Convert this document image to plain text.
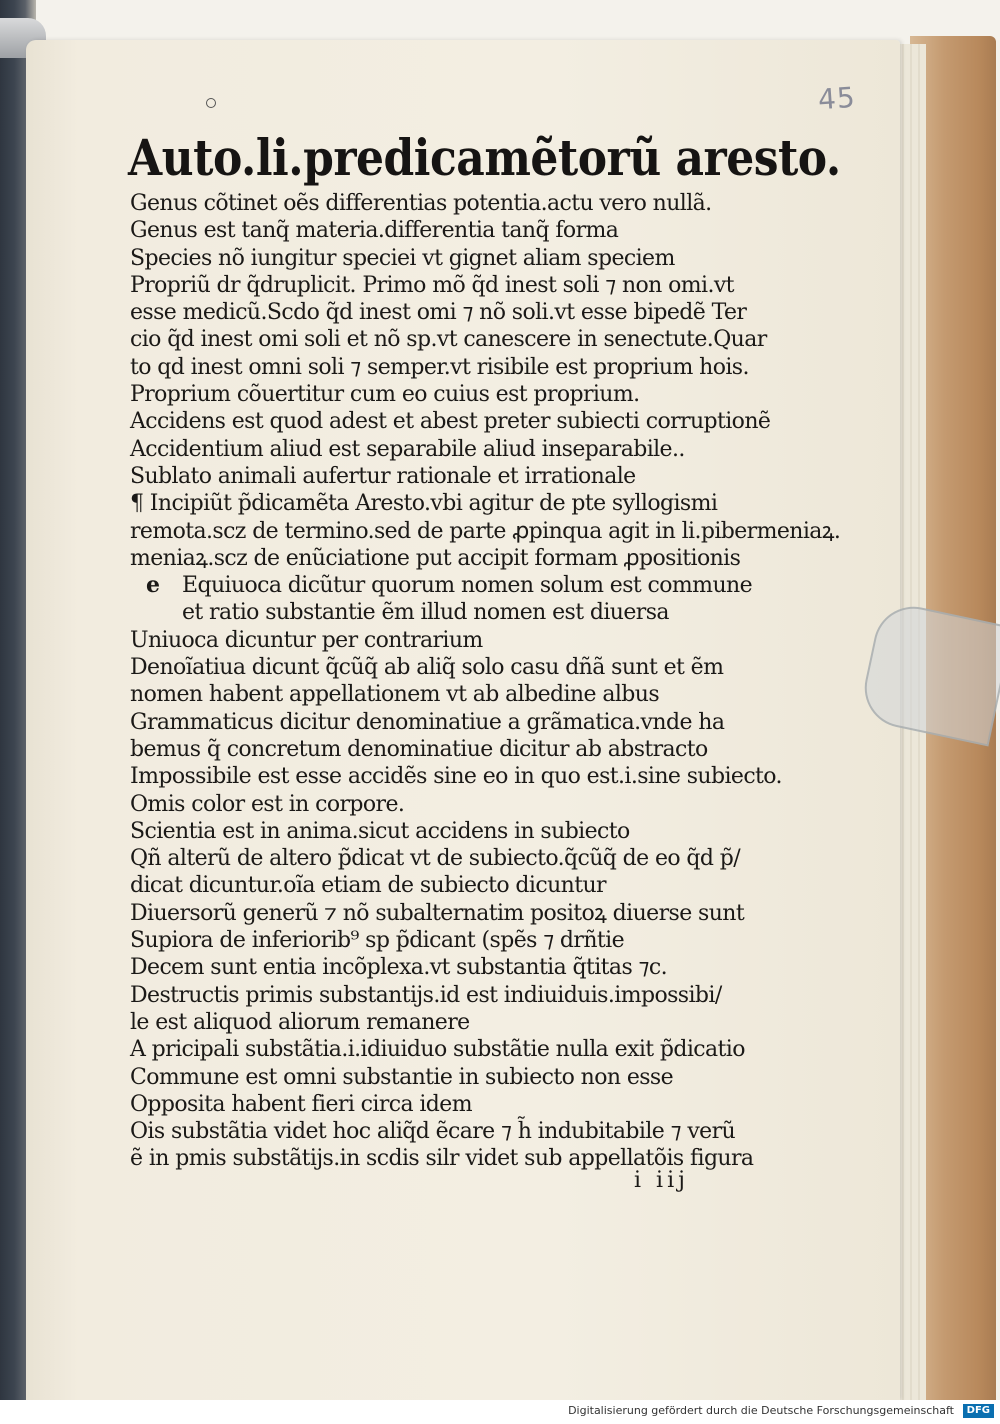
45
Auto.li.predicamẽtorũ aresto.
Genus cõtinet oẽs differentias potentia.actu vero nullã.
Genus est tanq̃ materia.differentia tanq̃ forma
Species nõ iungitur speciei vt gignet aliam speciem
Propriũ dr q̃druplicit. Primo mõ q̃d inest soli ⁊ non omi.vt
esse medicũ.Scdo q̃d inest omi ⁊ nõ soli.vt esse bipedẽ Ter
cio q̃d inest omi soli et nõ sp.vt canescere in senectute.Quar
to qd inest omni soli ⁊ semper.vt risibile est proprium hois.
Proprium cõuertitur cum eo cuius est proprium.
Accidens est quod adest et abest preter subiecti corruptionẽ
Accidentium aliud est separabile aliud inseparabile..
Sublato animali aufertur rationale et irrationale
¶ Incipiũt p̃dicamẽta Aresto.vbi agitur de pte syllogismi
remota.scz de termino.sed de parte ꝓpinqua agit in li.pibermeniaꝝ.
meniaꝝ.scz de enũciatione put accipit formam ꝓpositionis
e Equiuoca dicũtur quorum nomen solum est commune
et ratio substantie ẽm illud nomen est diuersa
Uniuoca dicuntur per contrarium
Denoĩatiua dicunt q̃cũq̃ ab aliq̃ solo casu dñã sunt et ẽm
nomen habent appellationem vt ab albedine albus
Grammaticus dicitur denominatiue a grãmatica.vnde ha
bemus q̃ concretum denominatiue dicitur ab abstracto
Impossibile est esse accidẽs sine eo in quo est.i.sine subiecto.
Omis color est in corpore.
Scientia est in anima.sicut accidens in subiecto
Qñ alterũ de altero p̃dicat vt de subiecto.q̃cũq̃ de eo q̃d p̃/
dicat dicuntur.oĩa etiam de subiecto dicuntur
Diuersorũ generũ ⁊ nõ subalternatim positoꝝ diuerse sunt
Supiora de inferiorib⁹ sp p̃dicant (spẽs ⁊ drñtie
Decem sunt entia incõplexa.vt substantia q̃titas ⁊c.
Destructis primis substantijs.id est indiuiduis.impossibi/
le est aliquod aliorum remanere
A pricipali substãtia.i.idiuiduo substãtie nulla exit p̃dicatio
Commune est omni substantie in subiecto non esse
Opposita habent fieri circa idem
Ois substãtia videt hoc aliq̃d ẽcare ⁊ h̃ indubitabile ⁊ verũ
ẽ in pmis substãtijs.in scdis silr videt sub appellatõis figura
i iij
Digitalisierung gefördert durch die Deutsche Forschungsgemeinschaft	DFG
